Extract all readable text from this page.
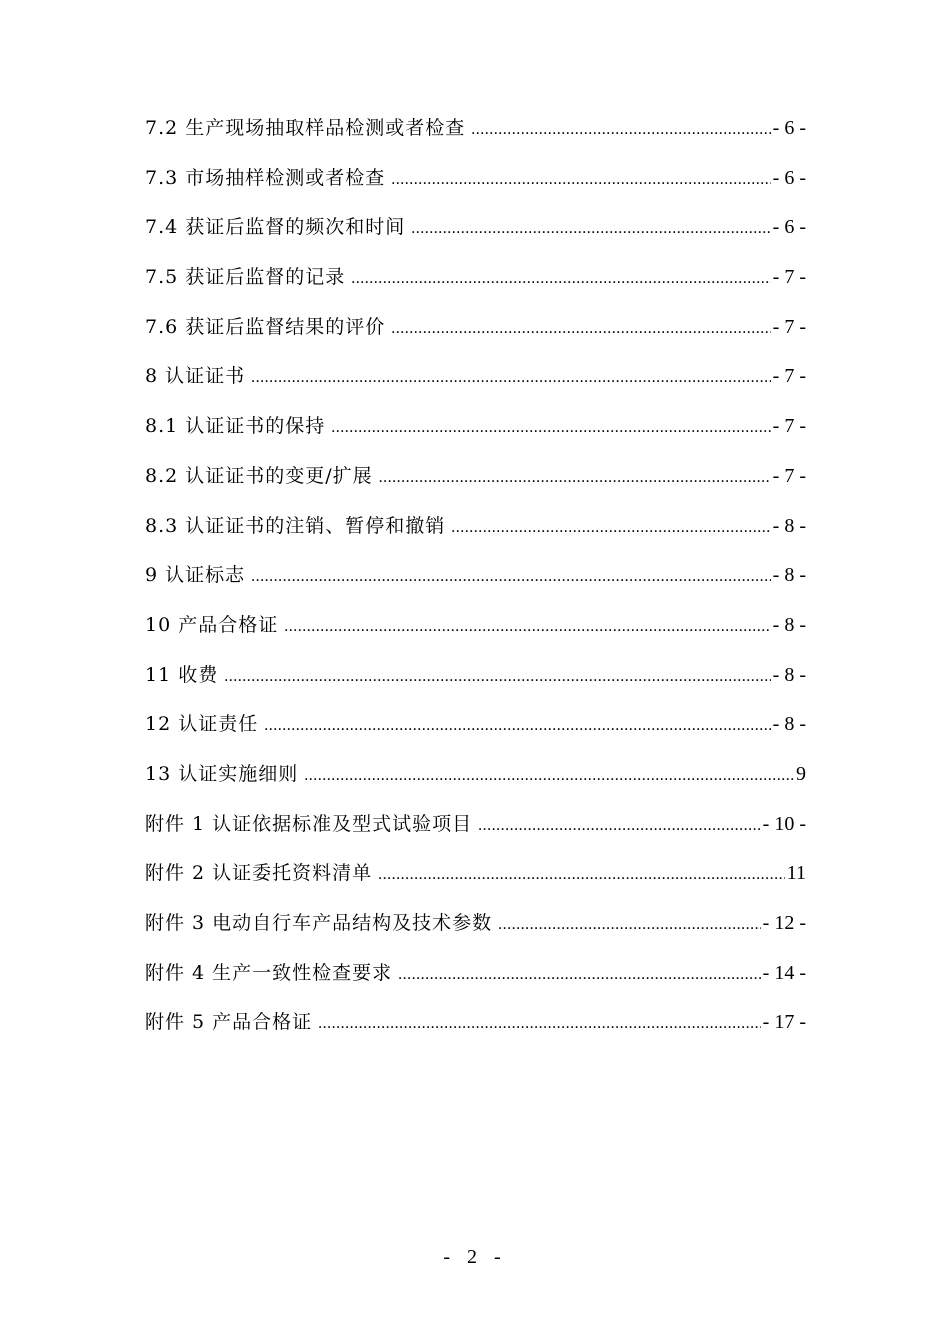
7.2 生产现场抽取样品检测或者检查 .....	- 6 -
7.3 市场抽样检测或者检查 .....	- 6 -
7.4 获证后监督的频次和时间 .....	- 6 -
7.5 获证后监督的记录 .....	- 7 -
7.6 获证后监督结果的评价 .....	- 7 -
8 认证证书 .....	- 7 -
8.1 认证证书的保持 .....	- 7 -
8.2 认证证书的变更/扩展 .....	- 7 -
8.3 认证证书的注销、暂停和撤销 .....	- 8 -
9 认证标志 .....	- 8 -
10 产品合格证 .....	- 8 -
11 收费 .....	- 8 -
12 认证责任 .....	- 8 -
13 认证实施细则 .....	9
附件 1 认证依据标准及型式试验项目 .....	- 10 -
附件 2 认证委托资料清单 .....	11
附件 3 电动自行车产品结构及技术参数 .....	- 12 -
附件 4 生产一致性检查要求 .....	- 14 -
附件 5 产品合格证 .....	- 17 -
- 2 -
